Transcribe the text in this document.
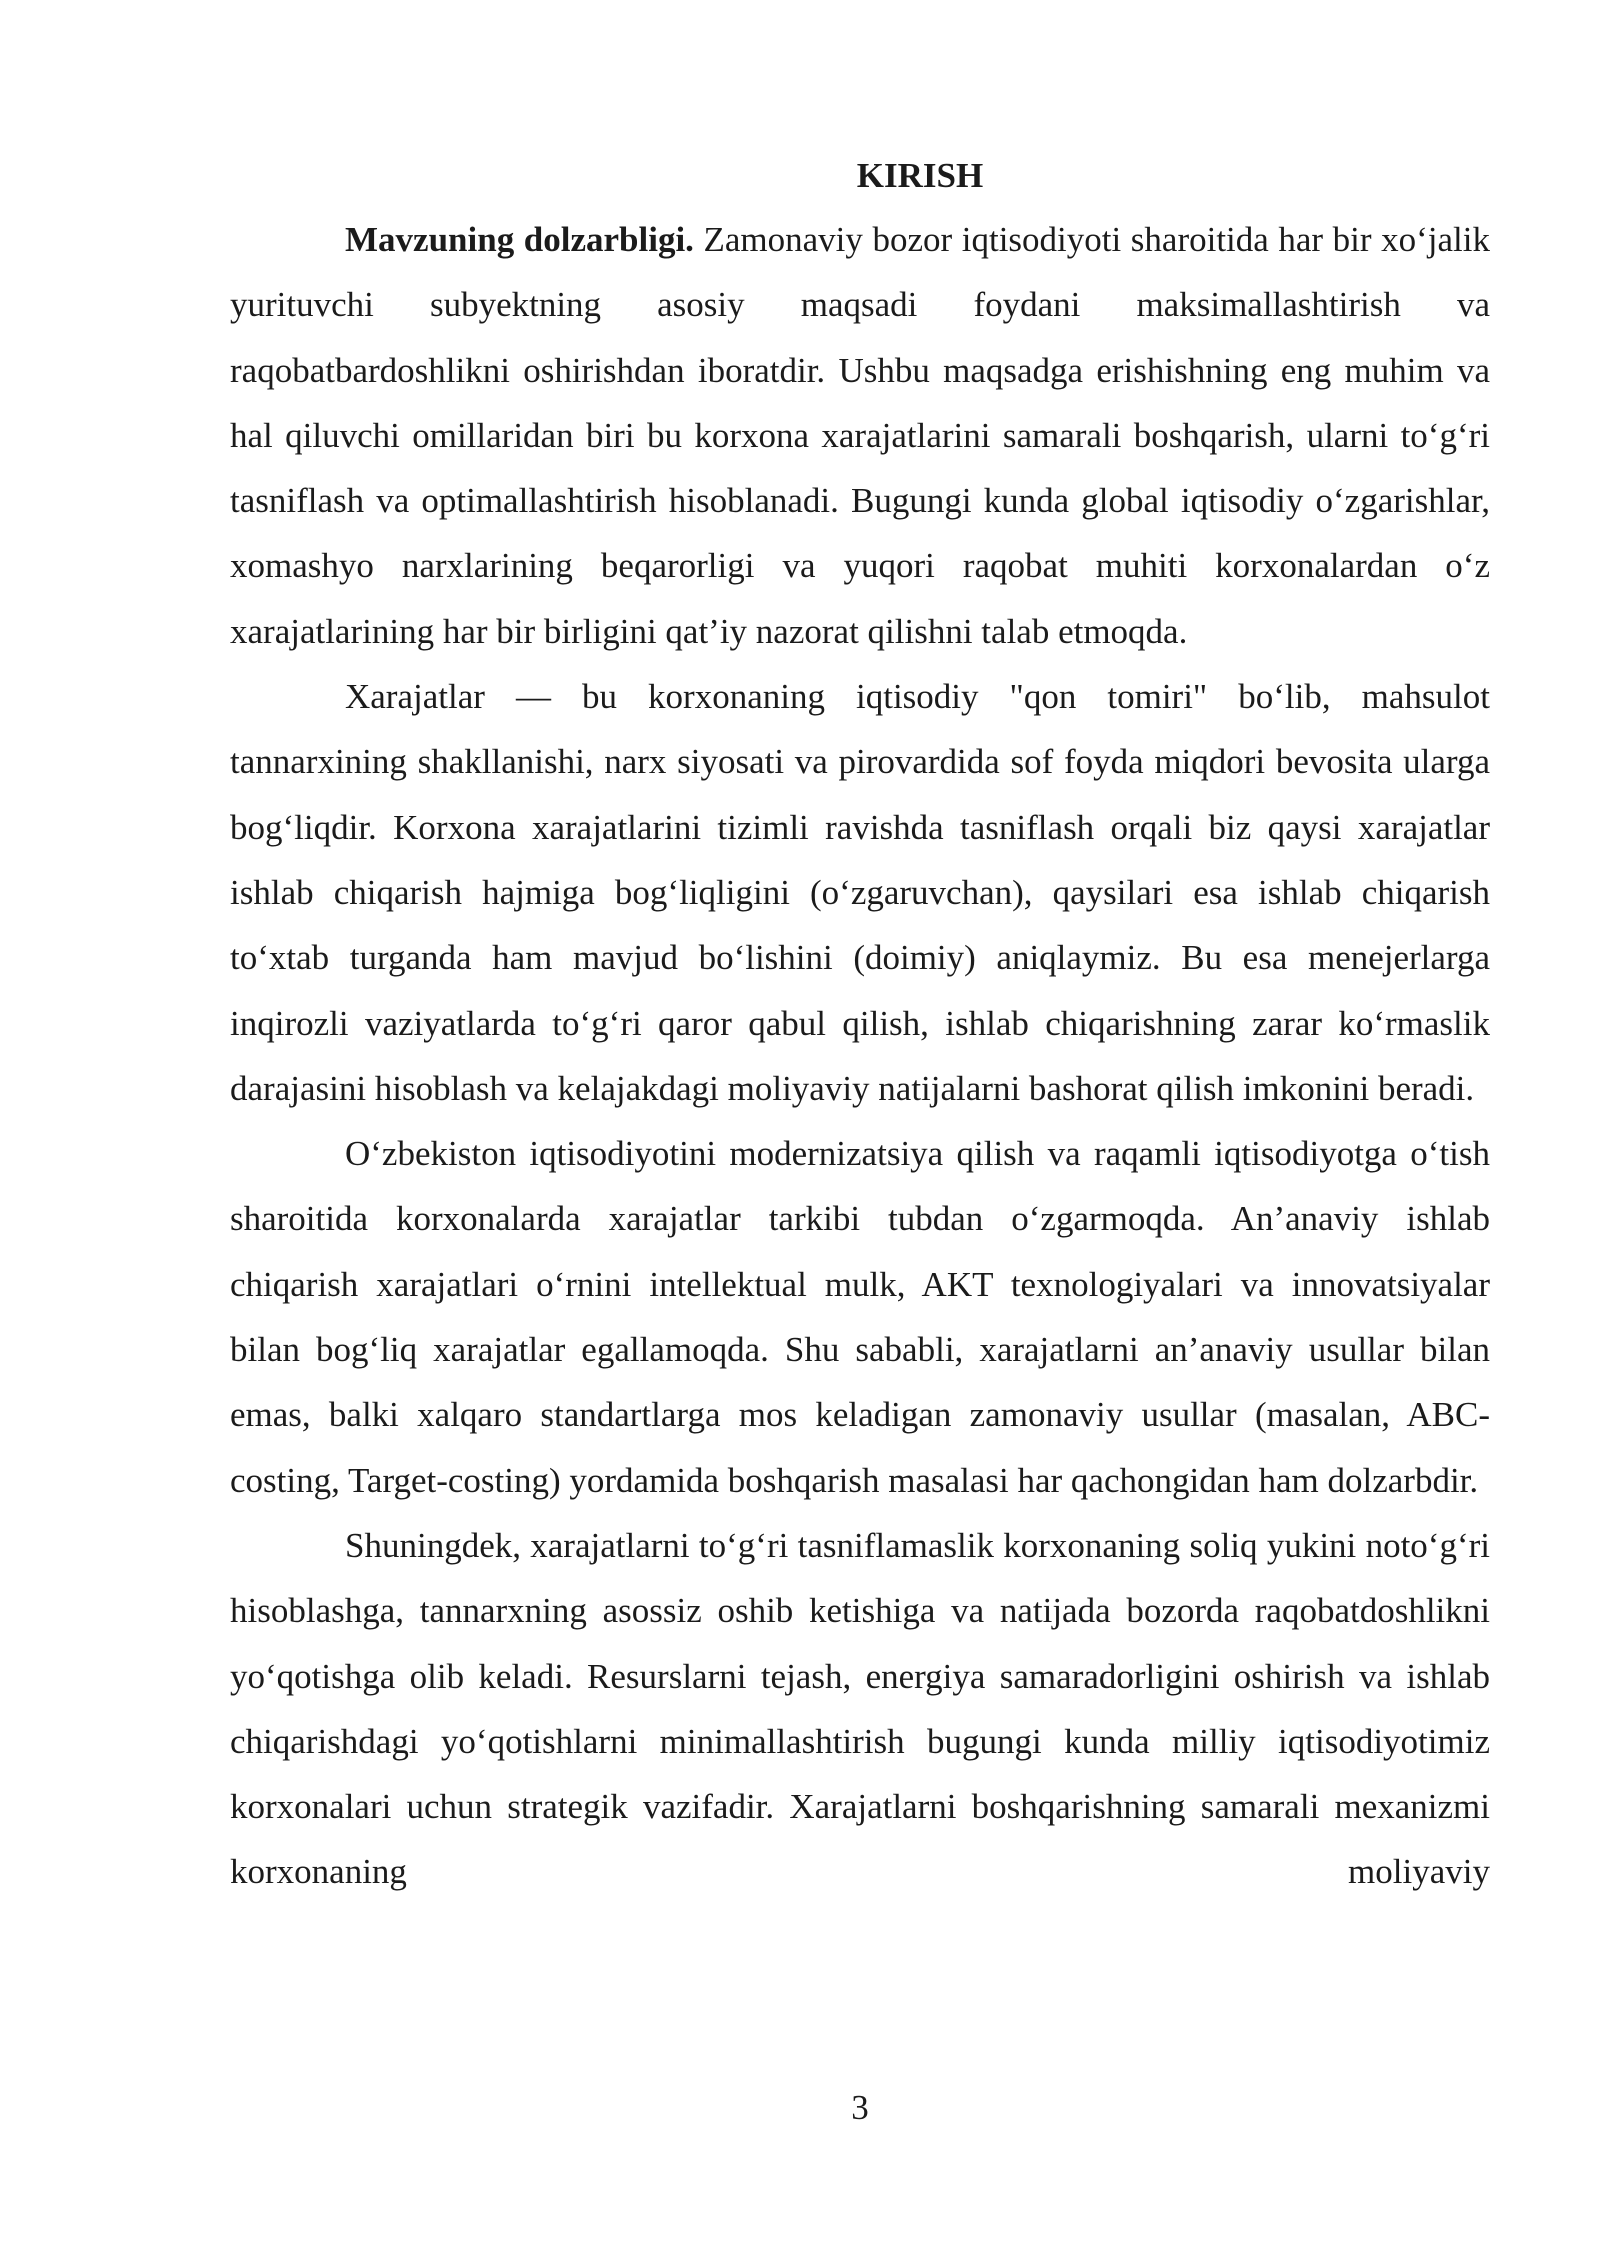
KIRISH

Mavzuning dolzarbligi. Zamonaviy bozor iqtisodiyoti sharoitida har bir xo‘jalik yurituvchi subyektning asosiy maqsadi foydani maksimallashtirish va raqobatbardoshlikni oshirishdan iboratdir. Ushbu maqsadga erishishning eng muhim va hal qiluvchi omillaridan biri bu korxona xarajatlarini samarali boshqarish, ularni to‘g‘ri tasniflash va optimallashtirish hisoblanadi. Bugungi kunda global iqtisodiy o‘zgarishlar, xomashyo narxlarining beqarorligi va yuqori raqobat muhiti korxonalardan o‘z xarajatlarining har bir birligini qat’iy nazorat qilishni talab etmoqda.

Xarajatlar — bu korxonaning iqtisodiy "qon tomiri" bo‘lib, mahsulot tannarxining shakllanishi, narx siyosati va pirovardida sof foyda miqdori bevosita ularga bog‘liqdir. Korxona xarajatlarini tizimli ravishda tasniflash orqali biz qaysi xarajatlar ishlab chiqarish hajmiga bog‘liqligini (o‘zgaruvchan), qaysilari esa ishlab chiqarish to‘xtab turganda ham mavjud bo‘lishini (doimiy) aniqlaymiz. Bu esa menejerlarga inqirozli vaziyatlarda to‘g‘ri qaror qabul qilish, ishlab chiqarishning zarar ko‘rmaslik darajasini hisoblash va kelajakdagi moliyaviy natijalarni bashorat qilish imkonini beradi.

O‘zbekiston iqtisodiyotini modernizatsiya qilish va raqamli iqtisodiyotga o‘tish sharoitida korxonalarda xarajatlar tarkibi tubdan o‘zgarmoqda. An’anaviy ishlab chiqarish xarajatlari o‘rnini intellektual mulk, AKT texnologiyalari va innovatsiyalar bilan bog‘liq xarajatlar egallamoqda. Shu sababli, xarajatlarni an’anaviy usullar bilan emas, balki xalqaro standartlarga mos keladigan zamonaviy usullar (masalan, ABC-costing, Target-costing) yordamida boshqarish masalasi har qachongidan ham dolzarbdir.

Shuningdek, xarajatlarni to‘g‘ri tasniflamaslik korxonaning soliq yukini noto‘g‘ri hisoblashga, tannarxning asossiz oshib ketishiga va natijada bozorda raqobatdoshlikni yo‘qotishga olib keladi. Resurslarni tejash, energiya samaradorligini oshirish va ishlab chiqarishdagi yo‘qotishlarni minimallashtirish bugungi kunda milliy iqtisodiyotimiz korxonalari uchun strategik vazifadir. Xarajatlarni boshqarishning samarali mexanizmi korxonaning moliyaviy

3
